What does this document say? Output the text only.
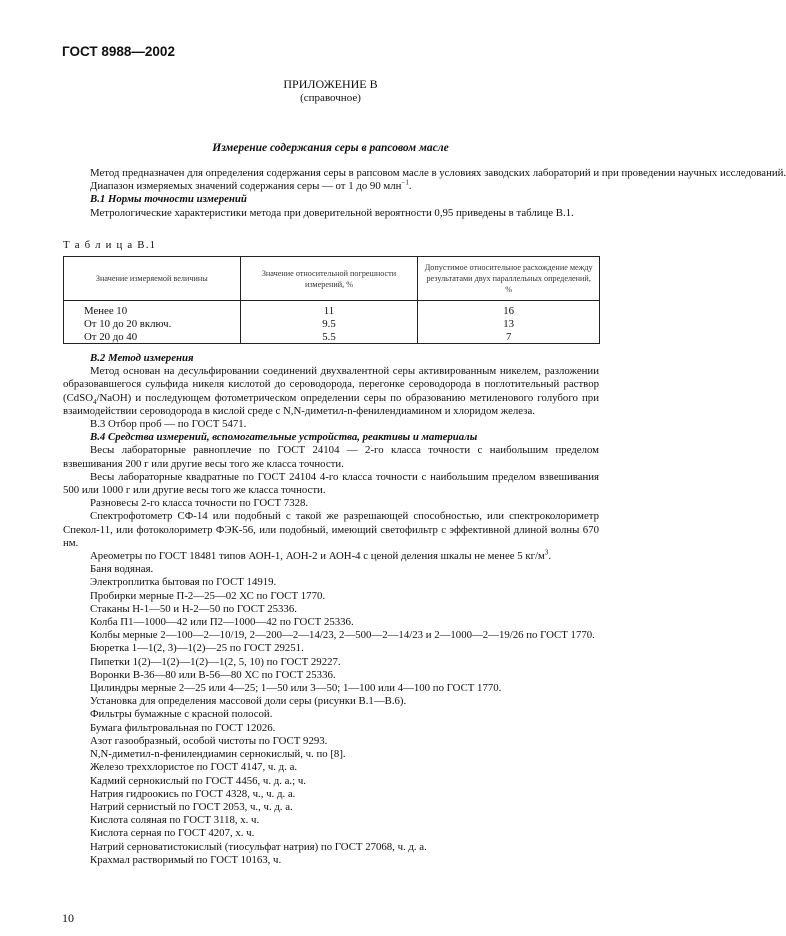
ГОСТ 8988—2002
ПРИЛОЖЕНИЕ В
(справочное)
Измерение содержания серы в рапсовом масле

Метод предназначен для определения содержания серы в рапсовом масле в условиях заводских лабораторий и при проведении научных исследований.

Диапазон измеряемых значений содержания серы — от 1 до 90 млн$^{-1}$.

В.1 Нормы точности измерений

Метрологические характеристики метода при доверительной вероятности 0,95 приведены в таблице В.1.

Т а б л и ц а В.1
Значение измеряемой величины	Значение относительной погрешности измерений, %	Допустимое относительное расхождение между результатами двух параллельных определений, %
Менее 10	11	16
От 10 до 20 включ.	9.5	13
От 20 до 40	5.5	7

В.2 Метод измерения

Метод основан на десульфировании соединений двухвалентной серы активированным никелем, разложении образовавшегося сульфида никеля кислотой до сероводорода, перегонке сероводорода в поглотительный раствор (CdSO$_4$/NaOH) и последующем фотометрическом определении серы по образованию метиленового голубого при взаимодействии сероводорода в кислой среде с N,N-диметил-n-фенилендиамином и хлоридом железа.

В.3 Отбор проб — по ГОСТ 5471.

В.4 Средства измерений, вспомогательные устройства, реактивы и материалы

Весы лабораторные равноплечие по ГОСТ 24104 — 2-го класса точности с наибольшим пределом взвешивания 200 г или другие весы того же класса точности.

Весы лабораторные квадратные по ГОСТ 24104 4-го класса точности с наибольшим пределом взвешивания 500 или 1000 г или другие весы того же класса точности.

Разновесы 2-го класса точности по ГОСТ 7328.

Спектрофотометр СФ-14 или подобный с такой же разрешающей способностью, или спектроколориметр Спекол-11, или фотоколориметр ФЭК-56, или подобный, имеющий светофильтр с эффективной длиной волны 670 нм.

Ареометры по ГОСТ 18481 типов АОН-1, АОН-2 и АОН-4 с ценой деления шкалы не менее 5 $кг/м^3$.

Баня водяная.

Электроплитка бытовая по ГОСТ 14919.

Пробирки мерные П-2—25—02 ХС по ГОСТ 1770.

Стаканы Н-1—50 и Н-2—50 по ГОСТ 25336.

Колба П1—1000—42 или П2—1000—42 по ГОСТ 25336.

Колбы мерные 2—100—2—10/19, 2—200—2—14/23, 2—500—2—14/23 и 2—1000—2—19/26 по ГОСТ 1770.

Бюретка 1—1(2, 3)—1(2)—25 по ГОСТ 29251.

Пипетки 1(2)—1(2)—1(2)—1(2, 5, 10) по ГОСТ 29227.

Воронки В-36—80 или В-56—80 ХС по ГОСТ 25336.

Цилиндры мерные 2—25 или 4—25; 1—50 или 3—50; 1—100 или 4—100 по ГОСТ 1770.

Установка для определения массовой доли серы (рисунки В.1—В.6).

Фильтры бумажные с красной полосой.

Бумага фильтровальная по ГОСТ 12026.

Азот газообразный, особой чистоты по ГОСТ 9293.

N,N-диметил-n-фенилендиамин сернокислый, ч. по [8].

Железо треххлористое по ГОСТ 4147, ч. д. а.

Кадмий сернокислый по ГОСТ 4456, ч. д. а.; ч.

Натрия гидроокись по ГОСТ 4328, ч., ч. д. а.

Натрий сернистый по ГОСТ 2053, ч., ч. д. а.

Кислота соляная по ГОСТ 3118, х. ч.

Кислота серная по ГОСТ 4207, х. ч.

Натрий серноватистокислый (тиосульфат натрия) по ГОСТ 27068, ч. д. а.

Крахмал растворимый по ГОСТ 10163, ч.

10
